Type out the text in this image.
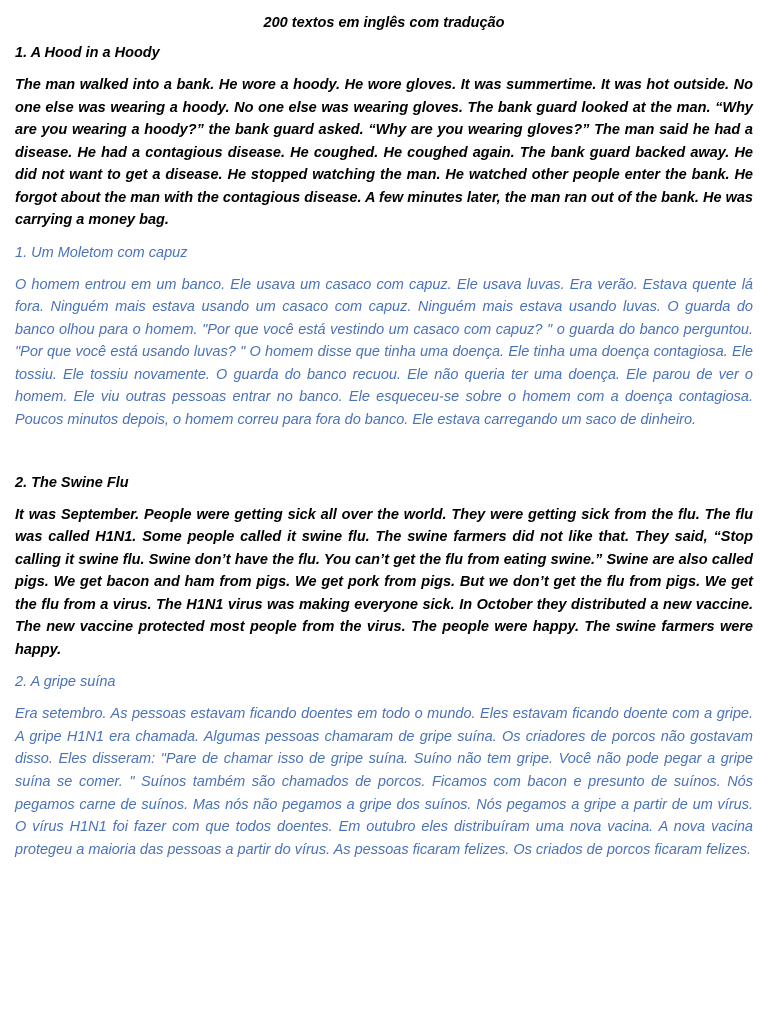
200 textos em inglês com tradução
1. A Hood in a Hoody

The man walked into a bank. He wore a hoody. He wore gloves. It was summertime. It was hot outside. No one else was wearing a hoody. No one else was wearing gloves. The bank guard looked at the man. “Why are you wearing a hoody?” the bank guard asked. “Why are you wearing gloves?” The man said he had a disease. He had a contagious disease. He coughed. He coughed again. The bank guard backed away. He did not want to get a disease. He stopped watching the man. He watched other people enter the bank. He forgot about the man with the contagious disease. A few minutes later, the man ran out of the bank. He was carrying a money bag.

1. Um Moletom com capuz

O homem entrou em um banco. Ele usava um casaco com capuz. Ele usava luvas. Era verão. Estava quente lá fora. Ninguém mais estava usando um casaco com capuz. Ninguém mais estava usando luvas. O guarda do banco olhou para o homem. "Por que você está vestindo um casaco com capuz? " o guarda do banco perguntou. "Por que você está usando luvas? " O homem disse que tinha uma doença. Ele tinha uma doença contagiosa. Ele tossiu. Ele tossiu novamente. O guarda do banco recuou. Ele não queria ter uma doença. Ele parou de ver o homem. Ele viu outras pessoas entrar no banco. Ele esqueceu-se sobre o homem com a doença contagiosa. Poucos minutos depois, o homem correu para fora do banco. Ele estava carregando um saco de dinheiro.

2. The Swine Flu

It was September. People were getting sick all over the world. They were getting sick from the flu. The flu was called H1N1. Some people called it swine flu. The swine farmers did not like that. They said, “Stop calling it swine flu. Swine don’t have the flu. You can’t get the flu from eating swine.” Swine are also called pigs. We get bacon and ham from pigs. We get pork from pigs. But we don’t get the flu from pigs. We get the flu from a virus. The H1N1 virus was making everyone sick. In October they distributed a new vaccine. The new vaccine protected most people from the virus. The people were happy. The swine farmers were happy.

2. A gripe suína

Era setembro. As pessoas estavam ficando doentes em todo o mundo. Eles estavam ficando doente com a gripe. A gripe H1N1 era chamada. Algumas pessoas chamaram de gripe suína. Os criadores de porcos não gostavam disso. Eles disseram: "Pare de chamar isso de gripe suína. Suíno não tem gripe. Você não pode pegar a gripe suína se comer. " Suínos também são chamados de porcos. Ficamos com bacon e presunto de suínos. Nós pegamos carne de suínos. Mas nós não pegamos a gripe dos suínos. Nós pegamos a gripe a partir de um vírus. O vírus H1N1 foi fazer com que todos doentes. Em outubro eles distribuíram uma nova vacina. A nova vacina protegeu a maioria das pessoas a partir do vírus. As pessoas ficaram felizes. Os criados de porcos ficaram felizes.
